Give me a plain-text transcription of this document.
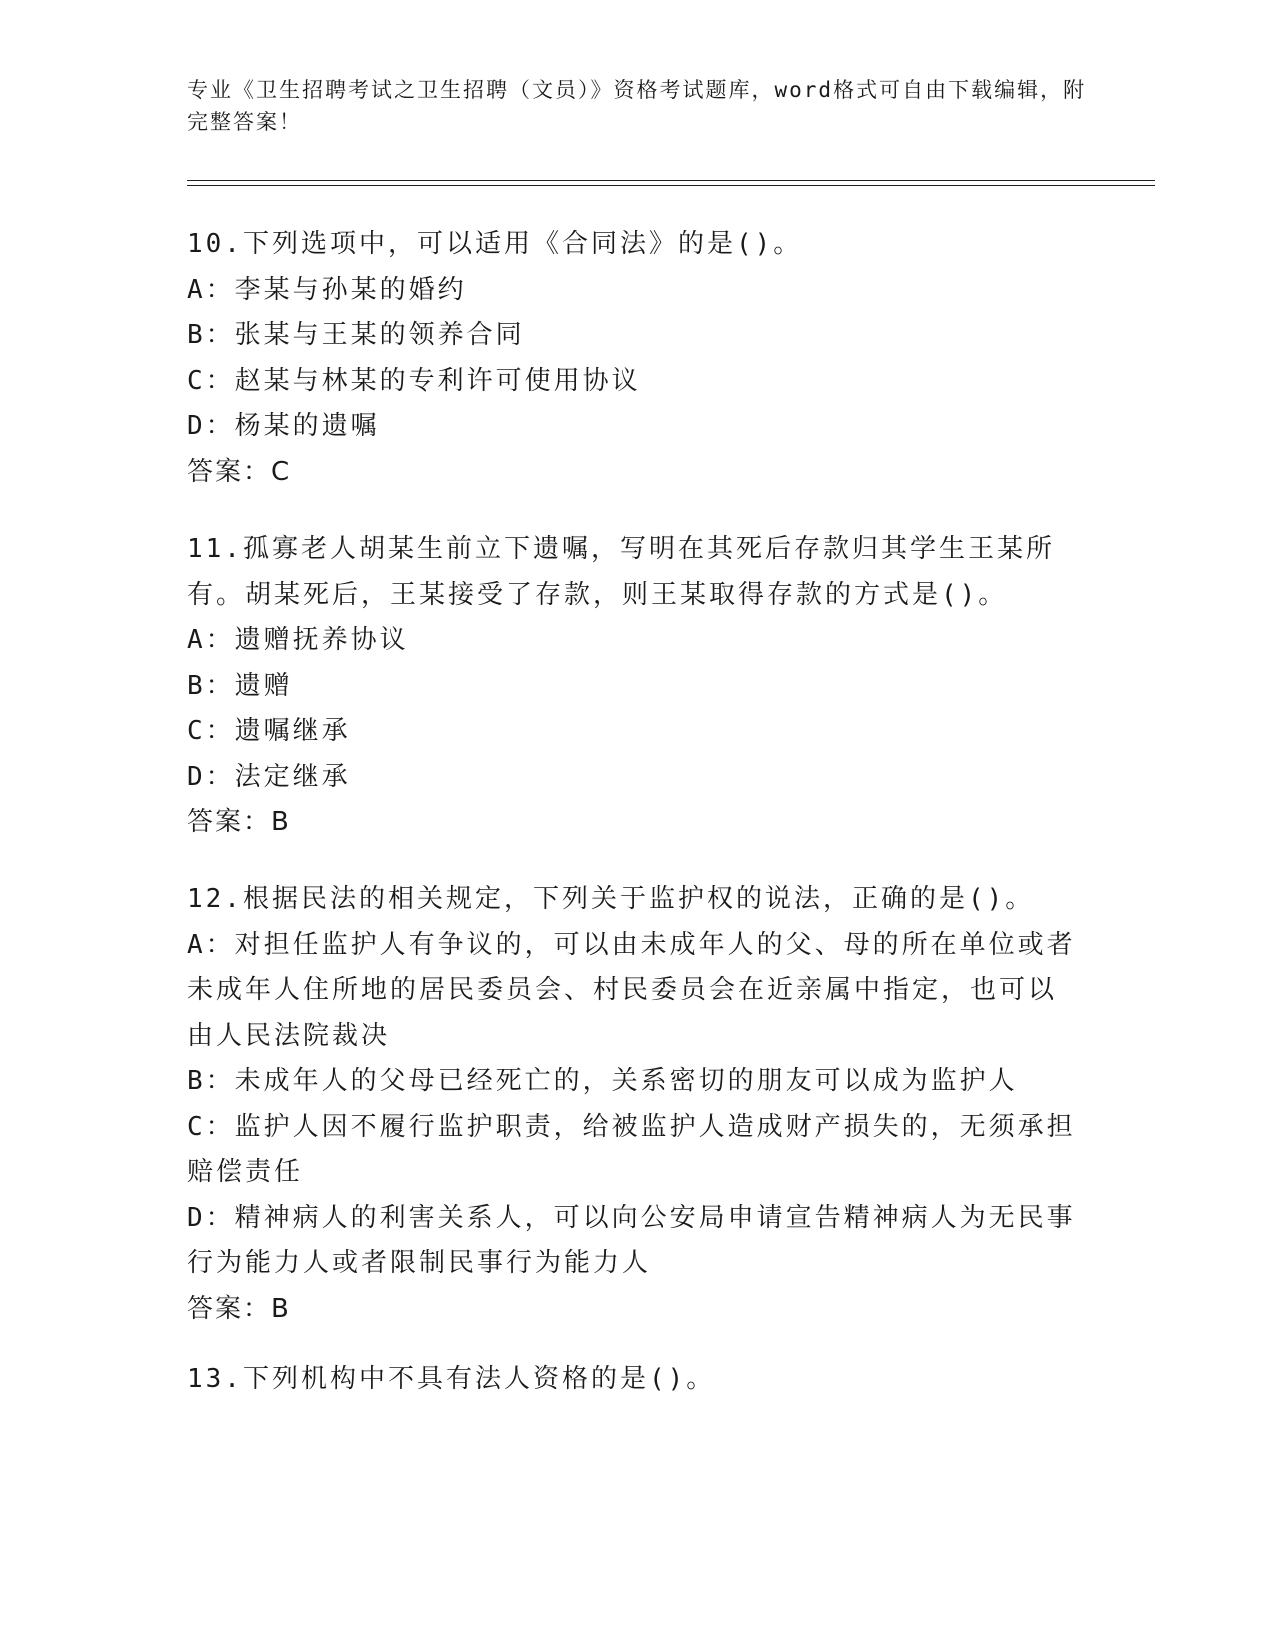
专业《卫生招聘考试之卫生招聘（文员）》资格考试题库，word格式可自由下载编辑，附完整答案！
10.下列选项中，可以适用《合同法》的是()。
A：李某与孙某的婚约
B：张某与王某的领养合同
C：赵某与林某的专利许可使用协议
D：杨某的遗嘱
答案：C
11.孤寡老人胡某生前立下遗嘱，写明在其死后存款归其学生王某所有。胡某死后，王某接受了存款，则王某取得存款的方式是()。
A：遗赠抚养协议
B：遗赠
C：遗嘱继承
D：法定继承
答案：B
12.根据民法的相关规定，下列关于监护权的说法，正确的是()。
A：对担任监护人有争议的，可以由未成年人的父、母的所在单位或者未成年人住所地的居民委员会、村民委员会在近亲属中指定，也可以由人民法院裁决
B：未成年人的父母已经死亡的，关系密切的朋友可以成为监护人
C：监护人因不履行监护职责，给被监护人造成财产损失的，无须承担赔偿责任
D：精神病人的利害关系人，可以向公安局申请宣告精神病人为无民事行为能力人或者限制民事行为能力人
答案：B
13.下列机构中不具有法人资格的是()。
